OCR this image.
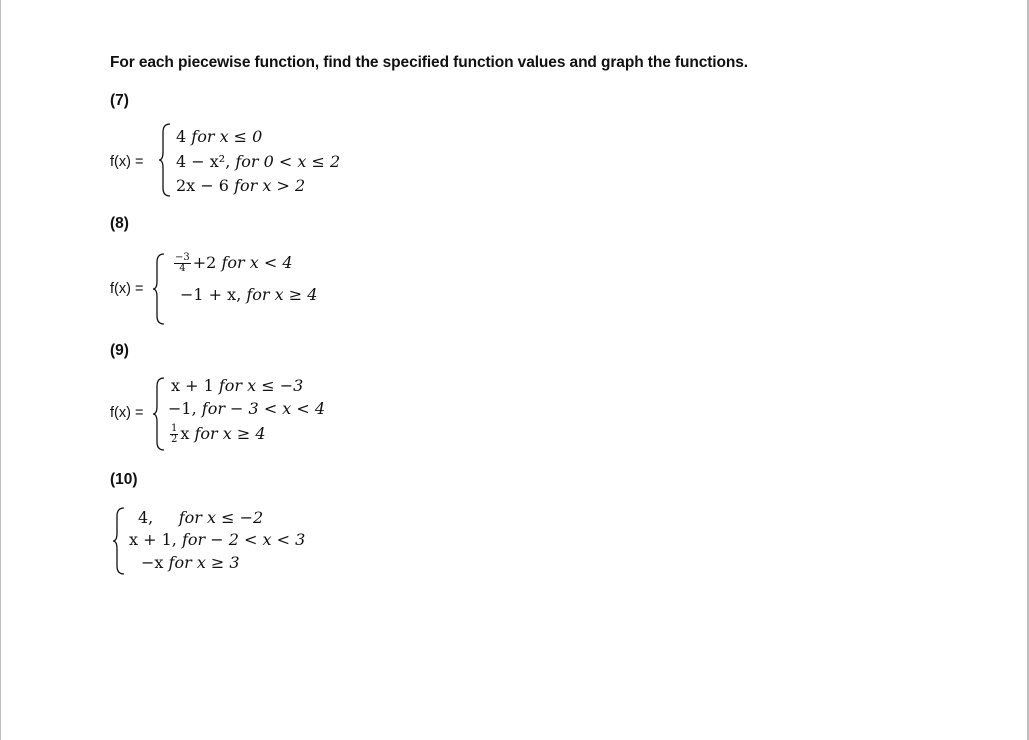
For each piecewise function, find the specified function values and graph the functions.
(7)
f(x) =
4 for x ≤ 0
4 − x², for 0 < x ≤ 2
2x − 6 for x > 2
(8)
f(x) =
$\frac{-3}{4} +2$ for x < 4
−1 + x, for x ≥ 4
(9)
f(x) =
x + 1 for x ≤ −3
−1, for − 3 < x < 4
$\frac{1}{2}$ x for x ≥ 4
(10)
4, for x ≤ −2
x + 1, for − 2 < x < 3
−x for x ≥ 3
